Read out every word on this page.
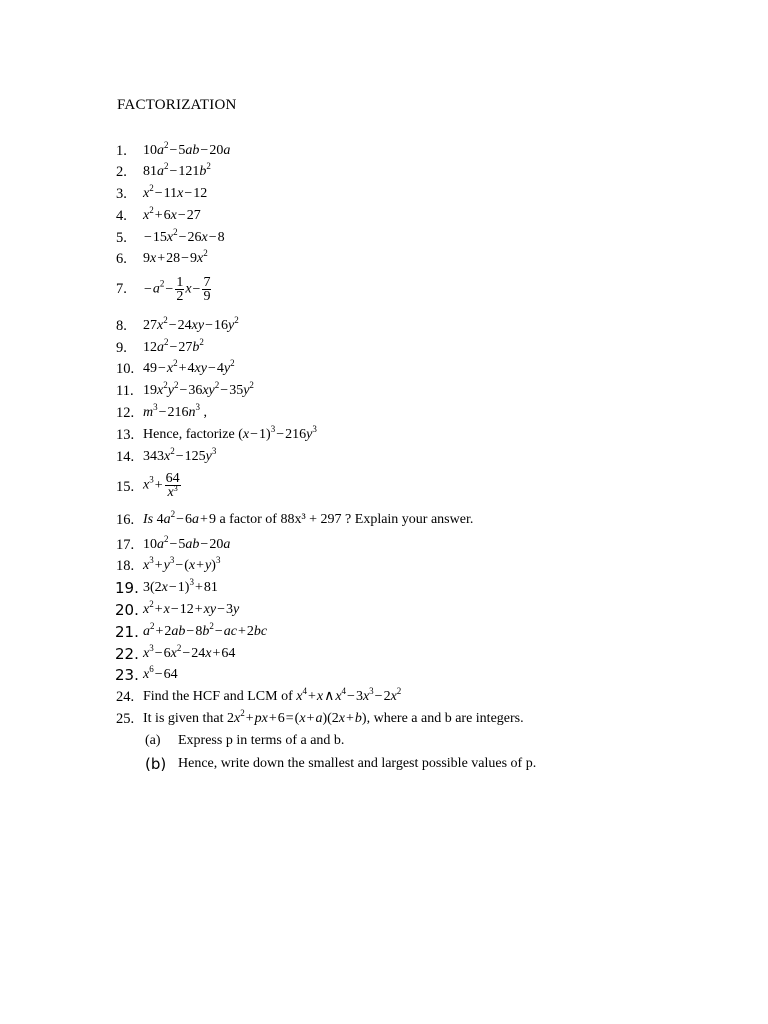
FACTORIZATION
1. $10a^2-5ab-20a$
2. $81a^2-121b^2$
3. $x^2-11x-12$
4. $x^2+6x-27$
5. $-15x^2-26x-8$
6. $9x+28-9x^2$
7. $-a^2- \frac{1}{2} x- \frac{7}{9}$
8. $27x^2-24xy-16y^2$
9. $12a^2-27b^2$
10. $49-x^2+4xy-4y^2$
11. $19x^2y^2-36xy^2-35y^2$
12. $m^3-216n^3$ ,
13. Hence, factorize $(x-1)^3-216y^3$
14. $343x^2-125y^3$
15. $x^3+ \frac{64}{x^3}$
16. Is $4a^2-6a+9$ a factor of 88x³ + 297 ? Explain your answer.
17. $10a^2-5ab-20a$
18. $x^3+y^3-(x+y)^3$
19. $3(2x-1)^3+81$
20. $x^2+x-12+xy-3y$
21. $a^2+2ab-8b^2-ac+2bc$
22. $x^3-6x^2-24x+64$
23. $x^6-64$
24. Find the HCF and LCM of $x^4+x\wedge x^4-3x^3-2x^2$
25. It is given that $2x^2+px+6=(x+a)(2x+b)$, where a and b are integers.
(a) Express p in terms of a and b.
(b) Hence, write down the smallest and largest possible values of p.
